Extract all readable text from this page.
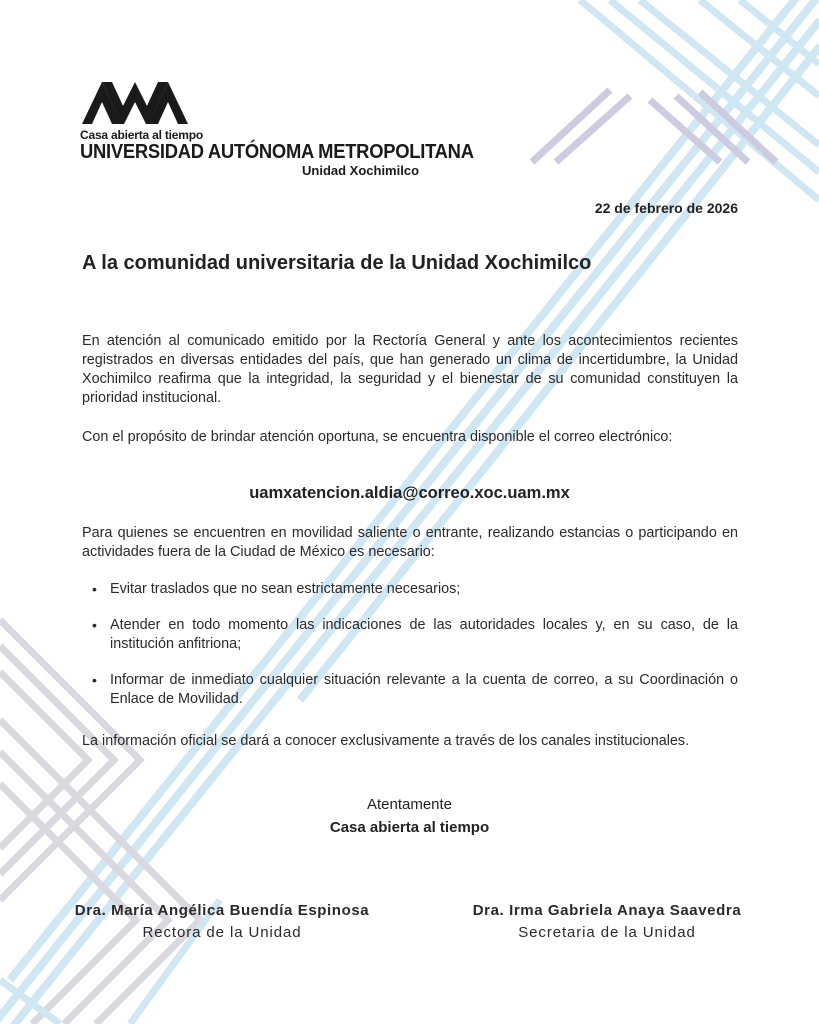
Casa abierta al tiempo
UNIVERSIDAD AUTÓNOMA METROPOLITANA
Unidad Xochimilco
22 de febrero de 2026
A la comunidad universitaria de la Unidad Xochimilco

En atención al comunicado emitido por la Rectoría General y ante los acontecimientos recientes registrados en diversas entidades del país, que han generado un clima de incertidumbre, la Unidad Xochimilco reafirma que la integridad, la seguridad y el bienestar de su comunidad constituyen la prioridad institucional.

Con el propósito de brindar atención oportuna, se encuentra disponible el correo electrónico:

uamxatencion.aldia@correo.xoc.uam.mx

Para quienes se encuentren en movilidad saliente o entrante, realizando estancias o participando en actividades fuera de la Ciudad de México es necesario:

• Evitar traslados que no sean estrictamente necesarios;
• Atender en todo momento las indicaciones de las autoridades locales y, en su caso, de la institución anfitriona;
• Informar de inmediato cualquier situación relevante a la cuenta de correo, a su Coordinación o Enlace de Movilidad.

La información oficial se dará a conocer exclusivamente a través de los canales institucionales.

Atentamente
Casa abierta al tiempo
Dra. María Angélica Buendía Espinosa
Rectora de la Unidad
Dra. Irma Gabriela Anaya Saavedra
Secretaria de la Unidad
